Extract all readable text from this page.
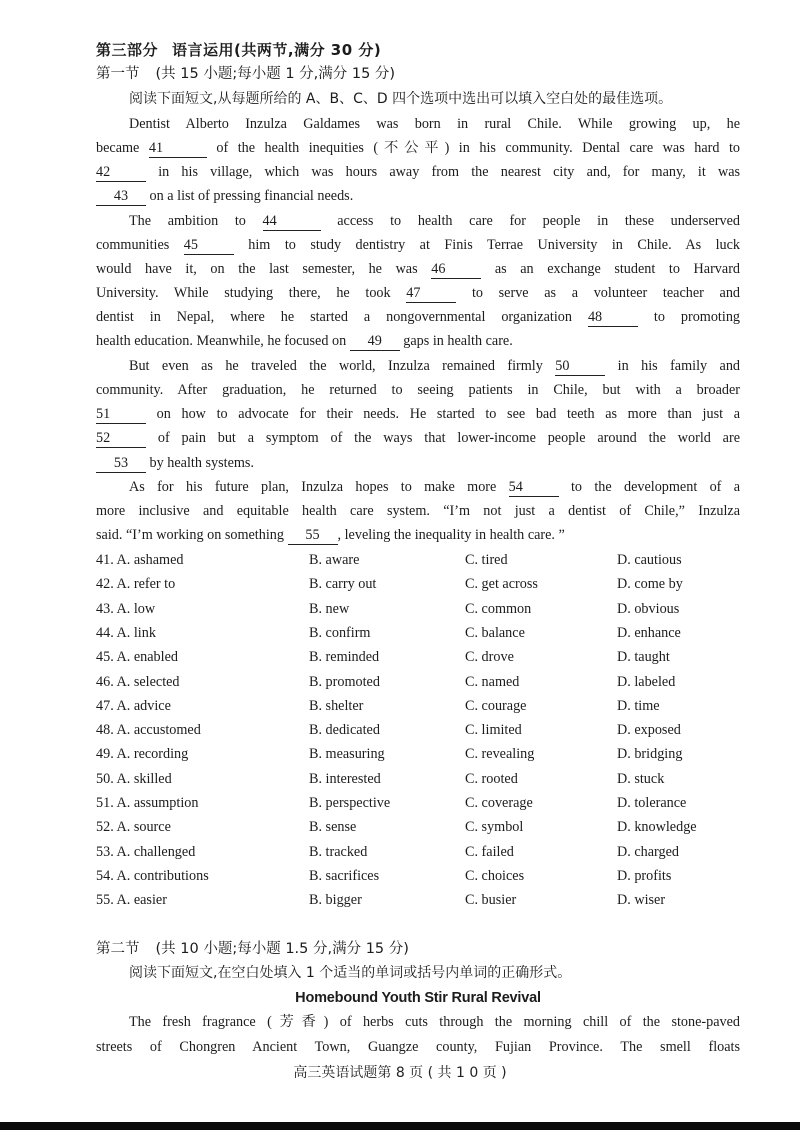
第三部分 语言运用(共两节,满分 30 分)
第一节 (共 15 小题;每小题 1 分,满分 15 分)
阅读下面短文,从每题所给的 A、B、C、D 四个选项中选出可以填入空白处的最佳选项。
Dentist Alberto Inzulza Galdames was born in rural Chile. While growing up, he
became 41	of the health inequities (不公平) in his community. Dental care was hard to
42	in his village, which was hours away from the nearest city and, for many, it was
43 on a list of pressing financial needs.
The ambition to 44	access to health care for people in these underserved
communities 45	him to study dentistry at Finis Terrae University in Chile. As luck
would have it, on the last semester, he was 46	as an exchange student to Harvard
University. While studying there, he took 47	to serve as a volunteer teacher and
dentist in Nepal, where he started a nongovernmental organization 48	to promoting
health education. Meanwhile, he focused on 49 gaps in health care.
But even as he traveled the world, Inzulza remained firmly 50	in his family and
community. After graduation, he returned to seeing patients in Chile, but with a broader
51	on how to advocate for their needs. He started to see bad teeth as more than just a
52	of pain but a symptom of the ways that lower-income people around the world are
53 by health systems.
As for his future plan, Inzulza hopes to make more 54	to the development of a
more inclusive and equitable health care system. “I’m not just a dentist of Chile,” Inzulza
said. “I’m working on something 55 , leveling the inequality in health care. ”
41. A. ashamed	B. aware	C. tired	D. cautious
42. A. refer to	B. carry out	C. get across	D. come by
43. A. low	B. new	C. common	D. obvious
44. A. link	B. confirm	C. balance	D. enhance
45. A. enabled	B. reminded	C. drove	D. taught
46. A. selected	B. promoted	C. named	D. labeled
47. A. advice	B. shelter	C. courage	D. time
48. A. accustomed	B. dedicated	C. limited	D. exposed
49. A. recording	B. measuring	C. revealing	D. bridging
50. A. skilled	B. interested	C. rooted	D. stuck
51. A. assumption	B. perspective	C. coverage	D. tolerance
52. A. source	B. sense	C. symbol	D. knowledge
53. A. challenged	B. tracked	C. failed	D. charged
54. A. contributions	B. sacrifices	C. choices	D. profits
55. A. easier	B. bigger	C. busier	D. wiser
第二节 (共 10 小题;每小题 1.5 分,满分 15 分)
阅读下面短文,在空白处填入 1 个适当的单词或括号内单词的正确形式。
Homebound Youth Stir Rural Revival
The fresh fragrance (芳香) of herbs cuts through the morning chill of the stone-paved
streets of Chongren Ancient Town, Guangze county, Fujian Province. The smell floats
高三英语试题第 8 页 ( 共 1 0 页 )
